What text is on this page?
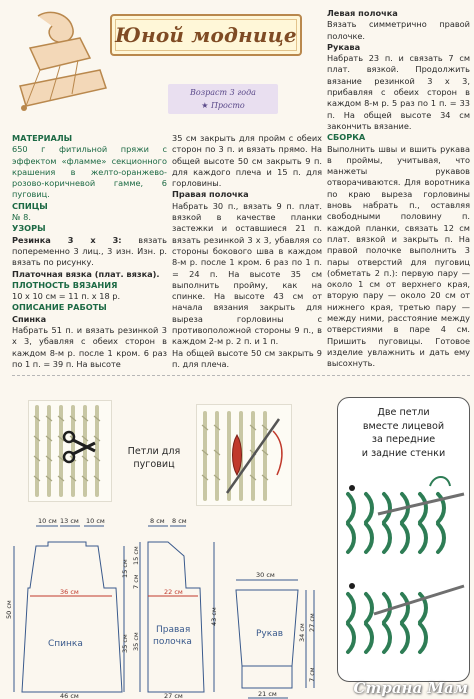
Юной моднице
Возраст 3 года
★ Просто

МАТЕРИАЛЫ

650 г фитильной пряжи с эффектом «фламме» секционного крашения в желто-оранжево-розово-коричневой гамме, 6 пуговиц.

СПИЦЫ

№ 8.

УЗОРЫ

Резинка 3 х 3: вязать попеременно 3 лиц., 3 изн. Изн. р. вязать по рисунку.

Платочная вязка (плат. вязка).

ПЛОТНОСТЬ ВЯЗАНИЯ

10 х 10 см = 11 п. х 18 р.

ОПИСАНИЕ РАБОТЫ

Спинка

Набрать 51 п. и вязать резинкой 3 х 3, убавляя с обеих сторон в каждом 8-м р. после 1 кром. 6 раз по 1 п. = 39 п. На высоте

35 см закрыть для пройм с обеих сторон по 3 п. и вязать прямо. На общей высоте 50 см закрыть 9 п. для каждого плеча и 15 п. для горловины.

Правая полочка

Набрать 30 п., вязать 9 п. плат. вязкой в качестве планки застежки и оставшиеся 21 п. вязать резинкой 3 х 3, убавляя со стороны бокового шва в каждом 8-м р. после 1 кром. 6 раз по 1 п. = 24 п. На высоте 35 см выполнить пройму, как на спинке. На высоте 43 см от начала вязания закрыть для выреза горловины с противоположной стороны 9 п., в каждом 2-м р. 2 п. и 1 п.

На общей высоте 50 см закрыть 9 п. для плеча.

Левая полочка

Вязать симметрично правой полочке.

Рукава

Набрать 23 п. и связать 7 см плат. вязкой. Продолжить вязание резинкой 3 х 3, прибавляя с обеих сторон в каждом 8-м р. 5 раз по 1 п. = 33 п. На общей высоте 34 см закончить вязание.

СБОРКА

Выполнить швы и вшить рукава в проймы, учитывая, что манжеты рукавов отворачиваются. Для воротника по краю выреза горловины вновь набрать п., оставляя свободными половину п. каждой планки, связать 12 см плат. вязкой и закрыть п. На правой полочке выполнить 3 пары отверстий для пуговиц (обметать 2 п.): первую пару — около 1 см от верхнего края, вторую пару — около 20 см от нижнего края, третью пару — между ними, расстояние между отверстиями в паре 4 см. Пришить пуговицы. Готовое изделие увлажнить и дать ему высохнуть.

Петли для
пуговиц
10 см 13 см 10 см
36 см
46 см
50 см
15 см
35 см
Спинка
8 см 8 см
22 см
27 см
15 см
7 см
35 см
43 см
Правая
полочка
30 см
21 см
34 см
27 см
7 см
Рукав
Две петли
вместе лицевой
за передние
и задние стенки
Страна Мам
